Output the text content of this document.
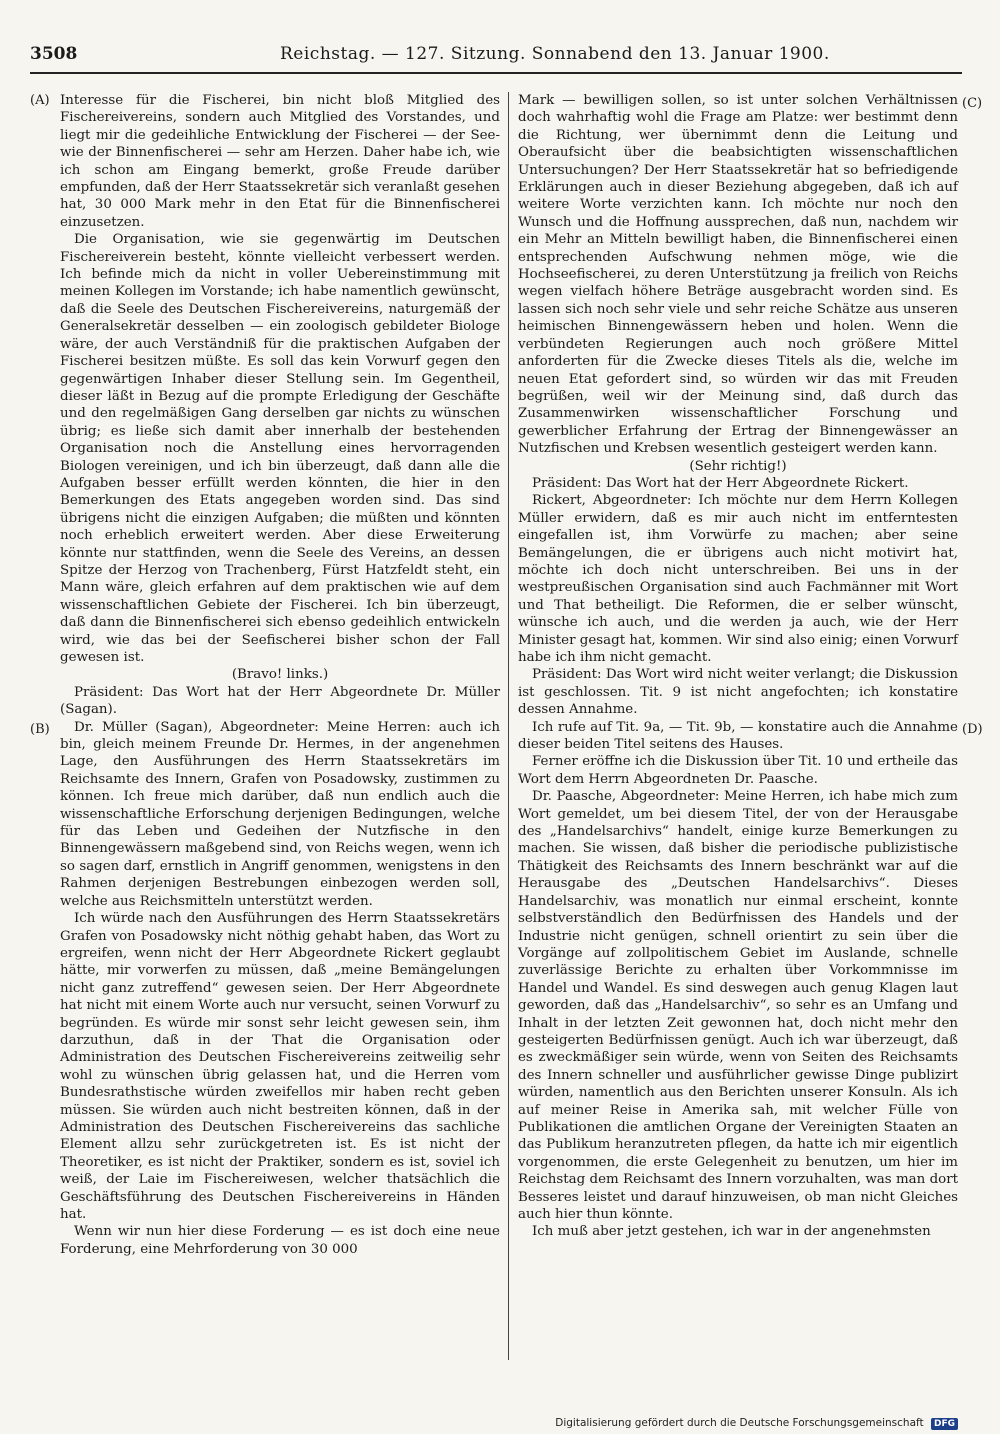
3508	Reichstag. — 127. Sitzung. Sonnabend den 13. Januar 1900.
(A)
(B)
(C)
(D)

Interesse für die Fischerei, bin nicht bloß Mitglied des Fischereivereins, sondern auch Mitglied des Vorstandes, und liegt mir die gedeihliche Entwicklung der Fischerei — der See- wie der Binnenfischerei — sehr am Herzen. Daher habe ich, wie ich schon am Eingang bemerkt, große Freude darüber empfunden, daß der Herr Staatssekretär sich veranlaßt gesehen hat, 30 000 Mark mehr in den Etat für die Binnenfischerei einzusetzen.

Die Organisation, wie sie gegenwärtig im Deutschen Fischereiverein besteht, könnte vielleicht verbessert werden. Ich befinde mich da nicht in voller Uebereinstimmung mit meinen Kollegen im Vorstande; ich habe namentlich gewünscht, daß die Seele des Deutschen Fischereivereins, naturgemäß der Generalsekretär desselben — ein zoologisch gebildeter Biologe wäre, der auch Verständniß für die praktischen Aufgaben der Fischerei besitzen müßte. Es soll das kein Vorwurf gegen den gegenwärtigen Inhaber dieser Stellung sein. Im Gegentheil, dieser läßt in Bezug auf die prompte Erledigung der Geschäfte und den regelmäßigen Gang derselben gar nichts zu wünschen übrig; es ließe sich damit aber innerhalb der bestehenden Organisation noch die Anstellung eines hervorragenden Biologen vereinigen, und ich bin überzeugt, daß dann alle die Aufgaben besser erfüllt werden könnten, die hier in den Bemerkungen des Etats angegeben worden sind. Das sind übrigens nicht die einzigen Aufgaben; die müßten und könnten noch erheblich erweitert werden. Aber diese Erweiterung könnte nur stattfinden, wenn die Seele des Vereins, an dessen Spitze der Herzog von Trachenberg, Fürst Hatzfeldt steht, ein Mann wäre, gleich erfahren auf dem praktischen wie auf dem wissenschaftlichen Gebiete der Fischerei. Ich bin überzeugt, daß dann die Binnenfischerei sich ebenso gedeihlich entwickeln wird, wie das bei der Seefischerei bisher schon der Fall gewesen ist.

(Bravo! links.)

Präsident: Das Wort hat der Herr Abgeordnete Dr. Müller (Sagan).

Dr. Müller (Sagan), Abgeordneter: Meine Herren: auch ich bin, gleich meinem Freunde Dr. Hermes, in der angenehmen Lage, den Ausführungen des Herrn Staatssekretärs im Reichsamte des Innern, Grafen von Posadowsky, zustimmen zu können. Ich freue mich darüber, daß nun endlich auch die wissenschaftliche Erforschung derjenigen Bedingungen, welche für das Leben und Gedeihen der Nutzfische in den Binnengewässern maßgebend sind, von Reichs wegen, wenn ich so sagen darf, ernstlich in Angriff genommen, wenigstens in den Rahmen derjenigen Bestrebungen einbezogen werden soll, welche aus Reichsmitteln unterstützt werden.

Ich würde nach den Ausführungen des Herrn Staatssekretärs Grafen von Posadowsky nicht nöthig gehabt haben, das Wort zu ergreifen, wenn nicht der Herr Abgeordnete Rickert geglaubt hätte, mir vorwerfen zu müssen, daß „meine Bemängelungen nicht ganz zutreffend“ gewesen seien. Der Herr Abgeordnete hat nicht mit einem Worte auch nur versucht, seinen Vorwurf zu begründen. Es würde mir sonst sehr leicht gewesen sein, ihm darzuthun, daß in der That die Organisation oder Administration des Deutschen Fischereivereins zeitweilig sehr wohl zu wünschen übrig gelassen hat, und die Herren vom Bundesrathstische würden zweifellos mir haben recht geben müssen. Sie würden auch nicht bestreiten können, daß in der Administration des Deutschen Fischereivereins das sachliche Element allzu sehr zurückgetreten ist. Es ist nicht der Theoretiker, es ist nicht der Praktiker, sondern es ist, soviel ich weiß, der Laie im Fischereiwesen, welcher thatsächlich die Geschäftsführung des Deutschen Fischereivereins in Händen hat.

Wenn wir nun hier diese Forderung — es ist doch eine neue Forderung, eine Mehrforderung von 30 000

Mark — bewilligen sollen, so ist unter solchen Verhältnissen doch wahrhaftig wohl die Frage am Platze: wer bestimmt denn die Richtung, wer übernimmt denn die Leitung und Oberaufsicht über die beabsichtigten wissenschaftlichen Untersuchungen? Der Herr Staatssekretär hat so befriedigende Erklärungen auch in dieser Beziehung abgegeben, daß ich auf weitere Worte verzichten kann. Ich möchte nur noch den Wunsch und die Hoffnung aussprechen, daß nun, nachdem wir ein Mehr an Mitteln bewilligt haben, die Binnenfischerei einen entsprechenden Aufschwung nehmen möge, wie die Hochseefischerei, zu deren Unterstützung ja freilich von Reichs wegen vielfach höhere Beträge ausgebracht worden sind. Es lassen sich noch sehr viele und sehr reiche Schätze aus unseren heimischen Binnengewässern heben und holen. Wenn die verbündeten Regierungen auch noch größere Mittel anforderten für die Zwecke dieses Titels als die, welche im neuen Etat gefordert sind, so würden wir das mit Freuden begrüßen, weil wir der Meinung sind, daß durch das Zusammenwirken wissenschaftlicher Forschung und gewerblicher Erfahrung der Ertrag der Binnengewässer an Nutzfischen und Krebsen wesentlich gesteigert werden kann.

(Sehr richtig!)

Präsident: Das Wort hat der Herr Abgeordnete Rickert.

Rickert, Abgeordneter: Ich möchte nur dem Herrn Kollegen Müller erwidern, daß es mir auch nicht im entferntesten eingefallen ist, ihm Vorwürfe zu machen; aber seine Bemängelungen, die er übrigens auch nicht motivirt hat, möchte ich doch nicht unterschreiben. Bei uns in der westpreußischen Organisation sind auch Fachmänner mit Wort und That betheiligt. Die Reformen, die er selber wünscht, wünsche ich auch, und die werden ja auch, wie der Herr Minister gesagt hat, kommen. Wir sind also einig; einen Vorwurf habe ich ihm nicht gemacht.

Präsident: Das Wort wird nicht weiter verlangt; die Diskussion ist geschlossen. Tit. 9 ist nicht angefochten; ich konstatire dessen Annahme.

Ich rufe auf Tit. 9a, — Tit. 9b, — konstatire auch die Annahme dieser beiden Titel seitens des Hauses.

Ferner eröffne ich die Diskussion über Tit. 10 und ertheile das Wort dem Herrn Abgeordneten Dr. Paasche.

Dr. Paasche, Abgeordneter: Meine Herren, ich habe mich zum Wort gemeldet, um bei diesem Titel, der von der Herausgabe des „Handelsarchivs“ handelt, einige kurze Bemerkungen zu machen. Sie wissen, daß bisher die periodische publizistische Thätigkeit des Reichsamts des Innern beschränkt war auf die Herausgabe des „Deutschen Handelsarchivs“. Dieses Handelsarchiv, was monatlich nur einmal erscheint, konnte selbstverständlich den Bedürfnissen des Handels und der Industrie nicht genügen, schnell orientirt zu sein über die Vorgänge auf zollpolitischem Gebiet im Auslande, schnelle zuverlässige Berichte zu erhalten über Vorkommnisse im Handel und Wandel. Es sind deswegen auch genug Klagen laut geworden, daß das „Handelsarchiv“, so sehr es an Umfang und Inhalt in der letzten Zeit gewonnen hat, doch nicht mehr den gesteigerten Bedürfnissen genügt. Auch ich war überzeugt, daß es zweckmäßiger sein würde, wenn von Seiten des Reichsamts des Innern schneller und ausführlicher gewisse Dinge publizirt würden, namentlich aus den Berichten unserer Konsuln. Als ich auf meiner Reise in Amerika sah, mit welcher Fülle von Publikationen die amtlichen Organe der Vereinigten Staaten an das Publikum heranzutreten pflegen, da hatte ich mir eigentlich vorgenommen, die erste Gelegenheit zu benutzen, um hier im Reichstag dem Reichsamt des Innern vorzuhalten, was man dort Besseres leistet und darauf hinzuweisen, ob man nicht Gleiches auch hier thun könnte.

Ich muß aber jetzt gestehen, ich war in der angenehmsten

Digitalisierung gefördert durch die Deutsche Forschungsgemeinschaft DFG
